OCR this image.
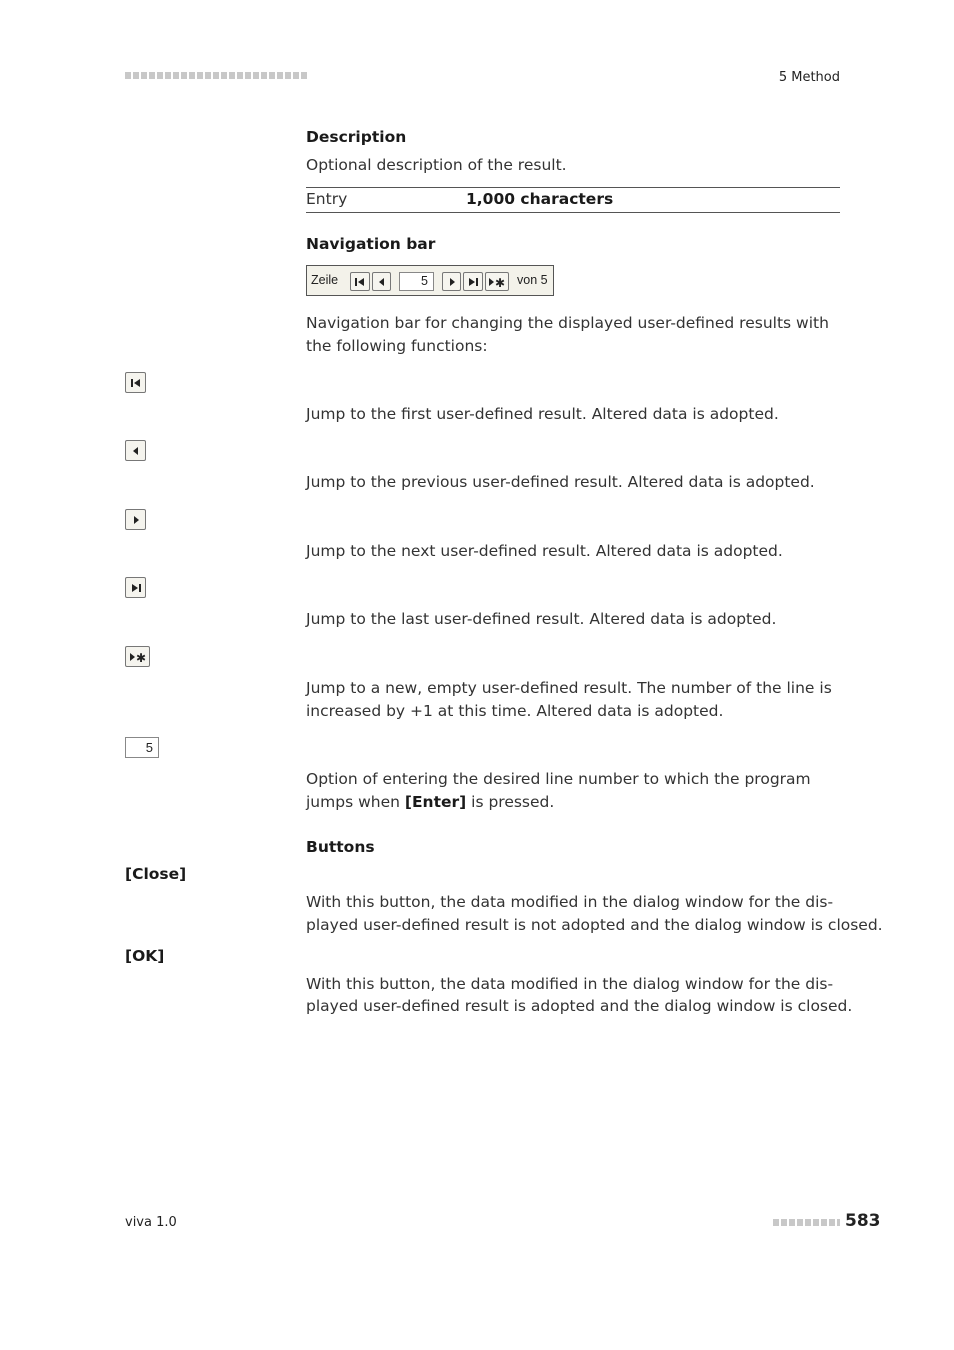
5 Method
Description
Optional description of the result.
Entry	1,000 characters
Navigation bar
Zeile	5	✱ von 5
Navigation bar for changing the displayed user-defined results with the following functions:
Jump to the first user-defined result. Altered data is adopted.
Jump to the previous user-defined result. Altered data is adopted.
Jump to the next user-defined result. Altered data is adopted.
Jump to the last user-defined result. Altered data is adopted.
✱
Jump to a new, empty user-defined result. The number of the line is increased by +1 at this time. Altered data is adopted.
5
Option of entering the desired line number to which the program jumps when [Enter] is pressed.
Buttons
[Close]
With this button, the data modified in the dialog window for the dis-
played user-defined result is not adopted and the dialog window is closed.
[OK]
With this button, the data modified in the dialog window for the dis-
played user-defined result is adopted and the dialog window is closed.
viva 1.0	583
